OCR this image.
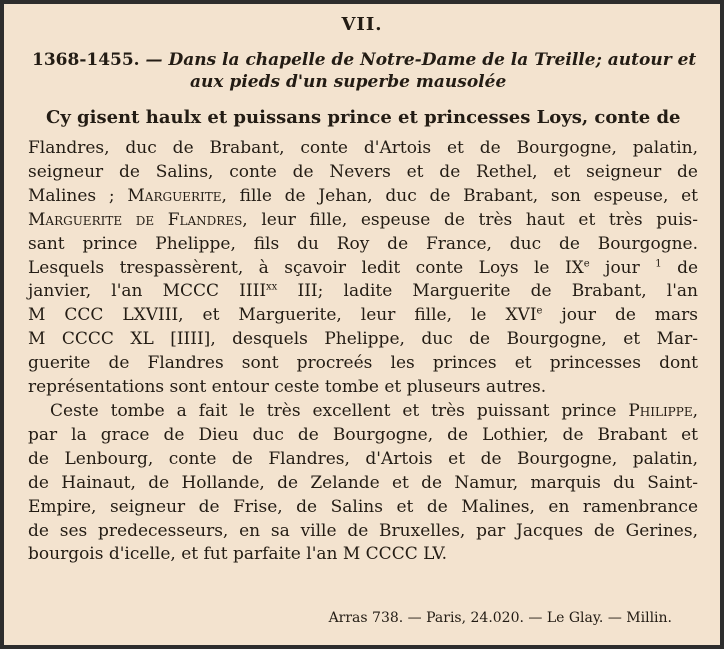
VII.
1368-1455. — Dans la chapelle de Notre-Dame de la Treille; autour et
aux pieds d'un superbe mausolée
Cy gisent haulx et puissans prince et princesses Loys, conte de
Flandres, duc de Brabant, conte d'Artois et de Bourgogne, palatin,
seigneur de Salins, conte de Nevers et de Rethel, et seigneur de
Malines ; Marguerite, fille de Jehan, duc de Brabant, son espeuse, et
Marguerite de Flandres, leur fille, espeuse de très haut et très puis-
sant prince Phelippe, fils du Roy de France, duc de Bourgogne.
Lesquels trespassèrent, à sçavoir ledit conte Loys le IXe jour $^1$ de
janvier, l'an MCCC IIII$^{xx}$ III; ladite Marguerite de Brabant, l'an
M CCC LXVIII, et Marguerite, leur fille, le XVIe jour de mars
M CCCC XL [IIII], desquels Phelippe, duc de Bourgogne, et Mar-
guerite de Flandres sont procreés les princes et princesses dont
représentations sont entour ceste tombe et pluseurs autres.
Ceste tombe a fait le très excellent et très puissant prince Philippe,
par la grace de Dieu duc de Bourgogne, de Lothier, de Brabant et
de Lenbourg, conte de Flandres, d'Artois et de Bourgogne, palatin,
de Hainaut, de Hollande, de Zelande et de Namur, marquis du Saint-
Empire, seigneur de Frise, de Salins et de Malines, en ramenbrance
de ses predecesseurs, en sa ville de Bruxelles, par Jacques de Gerines,
bourgois d'icelle, et fut parfaite l'an M CCCC LV.
Arras 738. — Paris, 24.020. — Le Glay. — Millin.
